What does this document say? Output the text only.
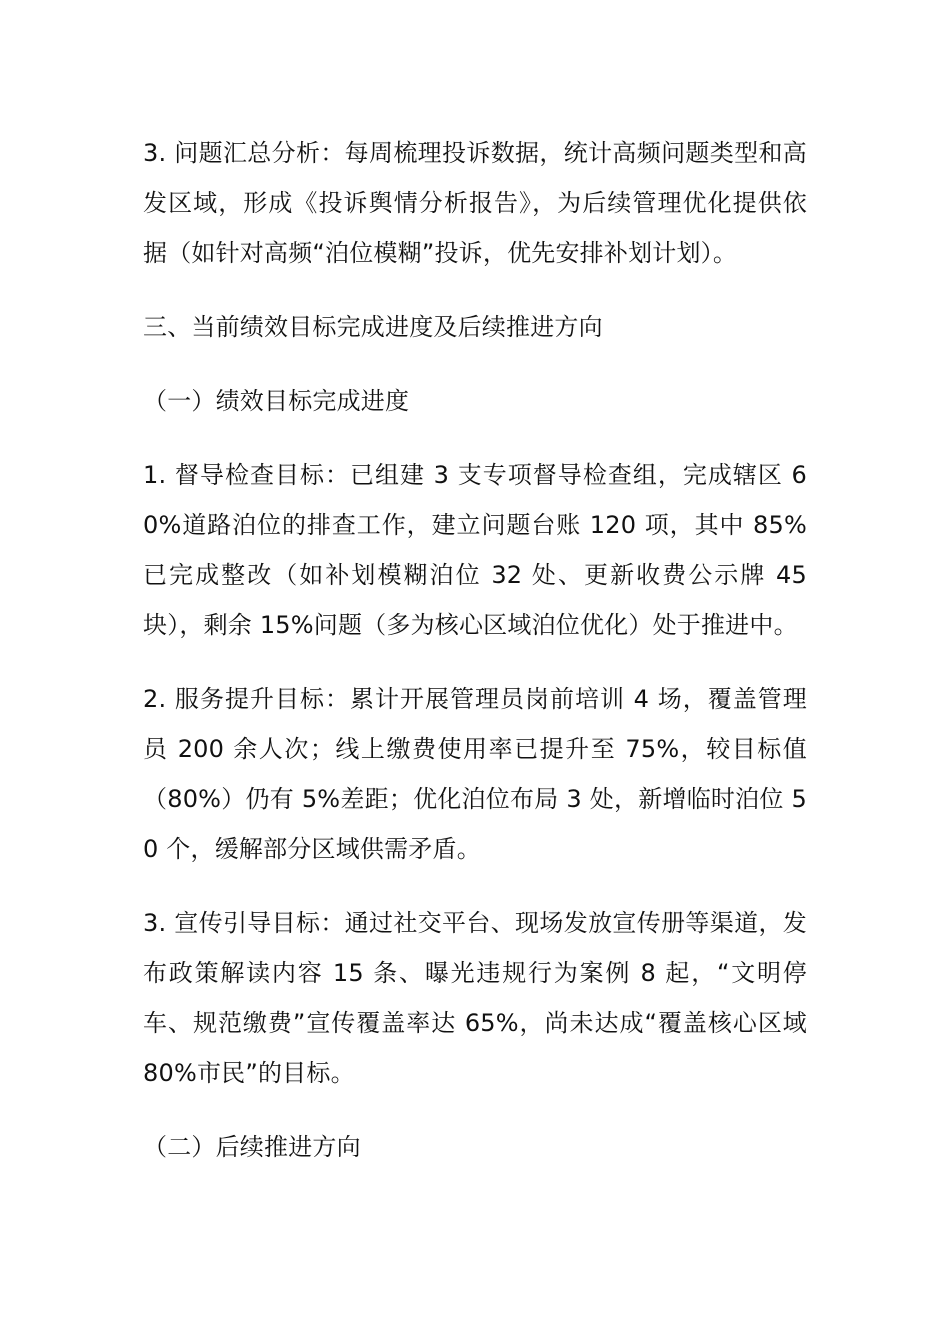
3. 问题汇总分析：每周梳理投诉数据，统计高频问题类型和高发区域，形成《投诉舆情分析报告》，为后续管理优化提供依据（如针对高频“泊位模糊”投诉，优先安排补划计划）。

三、当前绩效目标完成进度及后续推进方向

（一）绩效目标完成进度

1. 督导检查目标：已组建 3 支专项督导检查组，完成辖区 60%道路泊位的排查工作，建立问题台账 120 项，其中 85%已完成整改（如补划模糊泊位 32 处、更新收费公示牌 45 块），剩余 15%问题（多为核心区域泊位优化）处于推进中。

2. 服务提升目标：累计开展管理员岗前培训 4 场，覆盖管理员 200 余人次；线上缴费使用率已提升至 75%，较目标值（80%）仍有 5%差距；优化泊位布局 3 处，新增临时泊位 50 个，缓解部分区域供需矛盾。

3. 宣传引导目标：通过社交平台、现场发放宣传册等渠道，发布政策解读内容 15 条、曝光违规行为案例 8 起，“文明停车、规范缴费”宣传覆盖率达 65%，尚未达成“覆盖核心区域 80%市民”的目标。

（二）后续推进方向
